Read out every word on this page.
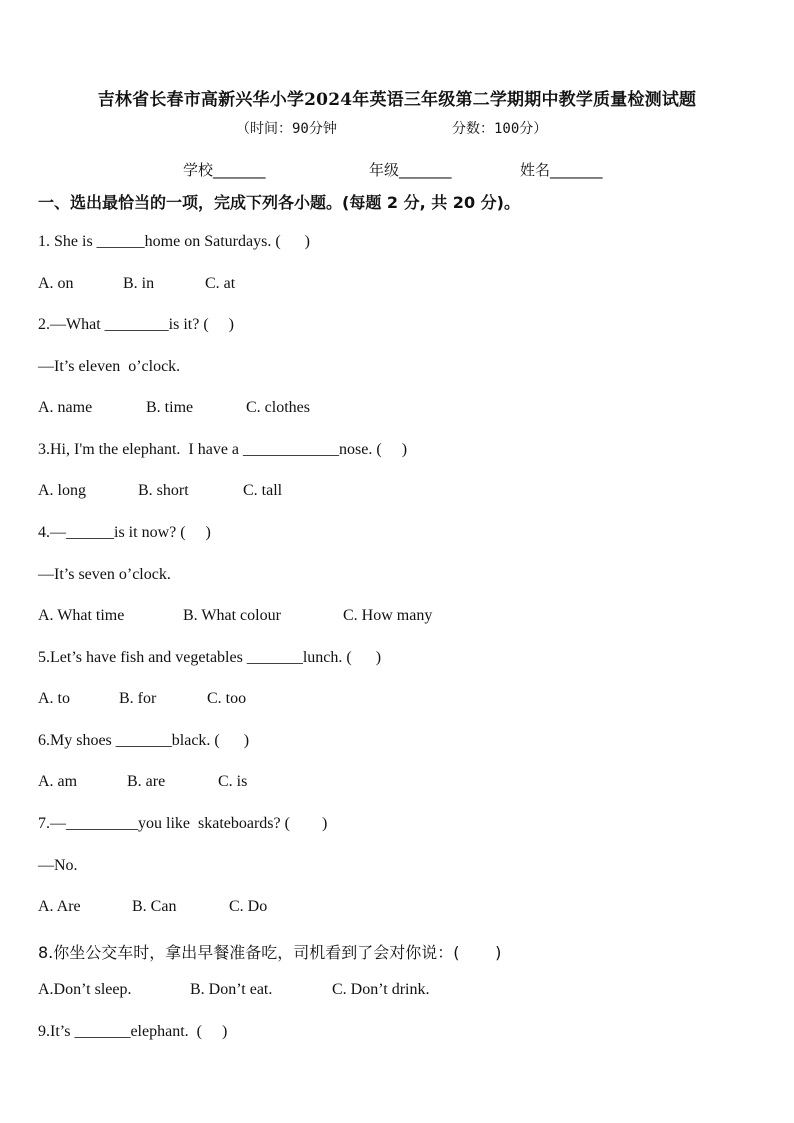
吉林省长春市高新兴华小学2024年英语三年级第二学期期中教学质量检测试题
（时间：90分钟	分数：100分）
学校_______	年级_______	姓名_______
一、选出最恰当的一项，完成下列各小题。(每题 2 分, 共 20 分)。
1. She is ______home on Saturdays. (      )
A. on	B. in	C. at
2.—What ________is it? (     )
—It’s eleven  o’clock.
A. name	B. time	C. clothes
3.Hi, I'm the elephant.  I have a ____________nose. (     )
A. long	B. short	C. tall
4.—______is it now? (     )
—It’s seven o’clock.
A. What time	B. What colour	C. How many
5.Let’s have fish and vegetables _______lunch. (      )
A. to	B. for	C. too
6.My shoes _______black. (      )
A. am	B. are	C. is
7.—_________you like  skateboards? (        )
—No.
A. Are	B. Can	C. Do
8.你坐公交车时，拿出早餐准备吃，司机看到了会对你说：(       )
A.Don’t sleep.	B. Don’t eat.	C. Don’t drink.
9.It’s _______elephant.  (     )
